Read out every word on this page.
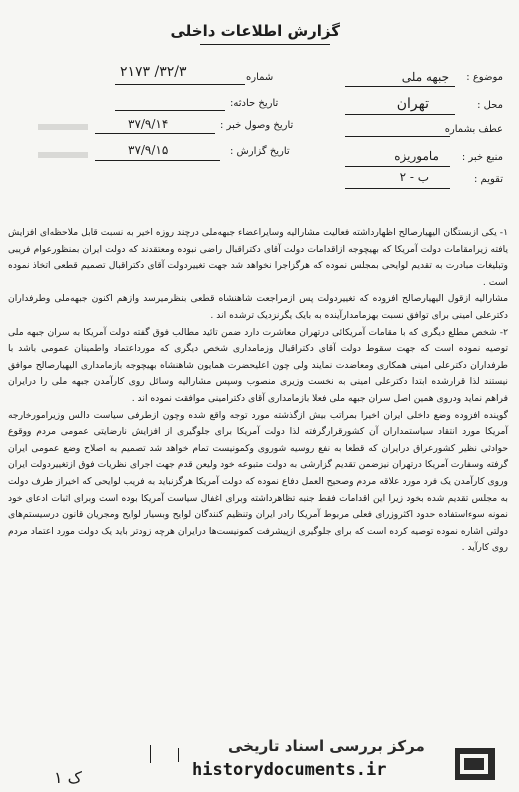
گزارش اطلاعات داخلی
موضوع :
جبهه ملی
محل :
تهران
عطف بشماره
منبع خبر :
ماموریزه
تقویم :
ب - ۲
شماره
۳۲/۳/ ۲۱۷۳
تاریخ حادثه:
تاریخ وصول خبر :
۳۷/۹/۱۴
تاریخ گزارش :
۳۷/۹/۱۵

۱- یکی ازبستگان الیهیارصالح اظهارداشته فعالیت مشارالیه وسایراعضاء جبهه‌ملی درچند روزه اخیر به نسبت قابل ملاحظه‌ای افزایش یافته زیرامقامات دولت آمریکا که بهیچوجه ازاقدامات دولت آقای دکتراقبال راضی نبوده ومعتقد‌ند که دولت ایران بمنظورعوام فریبی وتبلیغات مبادرت به تقدیم لوایحی بمجلس نموده که هرگزاجرا نخواهد شد جهت تغییردولت آقای دکتراقبال تصمیم قطعی اتخاذ نموده است .

مشارالیه ازقول الیهیارصالح افزوده که تغییردولت پس ازمراجعت شاهنشاه قطعی بنظرمیرسد وازهم اکنون جبهه‌ملی وطرفداران دکترعلی امینی برای توافق نسبت بهزمامدارآینده به بایک یگرنزدیک ترشده اند .

۲- شخص مطلع دیگری که با مقامات آمریکائی درتهران معاشرت دارد ضمن تائید مطالب فوق گفته دولت آمریکا به سران جبهه ملی توصیه نموده است که جهت سقوط دولت آقای دکتراقبال وزمامداری شخص دیگری که مورداعتماد واطمینان عمومی باشد با طرفداران دکترعلی امینی همکاری ومعاضدت نمایند ولی چون اعلیحضرت همایون شاهنشاه بهیچوجه بازمامداری الیهیارصالح موافق نیستند لذا قرارشده ابتدا دکترعلی امینی به نخست وزیری منصوب وسپس مشارالیه وسائل روی کارآمدن جبهه ملی را درایران فراهم نماید ودروی همین اصل سران جبهه ملی فعلا بازمامداری آقای دکترامینی موافقت نموده اند .

گوینده افزوده وضع داخلی ایران اخیرا بمراتب بیش ازگذشته مورد توجه واقع شده وچون ازطرفی سیاست دالس وزیرامورخارجه آمریکا مورد انتقاد سیاستمداران آن کشورقرارگرفته لذا دولت آمریکا برای جلوگیری از افزایش نارضایتی عمومی مردم ووقوع حوادثی نظیر کشورعراق درایران که قطعا به نفع روسیه شوروی وکمونیست تمام خواهد شد تصمیم به اصلاح وضع عمومی ایران گرفته وسفارت آمریکا درتهران نیزضمن تقدیم گزارشی به دولت متبوعه خود ولیعن قدم جهت اجرای نظریات فوق ازتغییردولت ایران وروی کارآمدن یک فرد مورد علاقه مردم وصحیح العمل دفاع نموده که دولت آمریکا هرگزنباید به فریب لوایحی که اخیراز طرف دولت به مجلس تقدیم شده بخود زیرا این اقدامات فقط جنبه تظاهرداشته وبرای اغفال سیاست آمریکا بوده است وبرای اثبات ادعای خود نمونه سوءاستفاده حدود اکثروزرای فعلی مربوط آمریکا رادر ایران وتنظیم کنندگان لوایح وبسیار لوایح ومجریان قانون درسیستم‌های دولتی اشاره نموده توصیه کرده است که برای جلوگیری ازپیشرفت کمونیست‌ها درایران هرچه زودتر باید یک دولت مورد اعتماد مردم روی کارآید .

ک ۱
مرکز بررسی اسناد تاریخی
historydocuments.ir
